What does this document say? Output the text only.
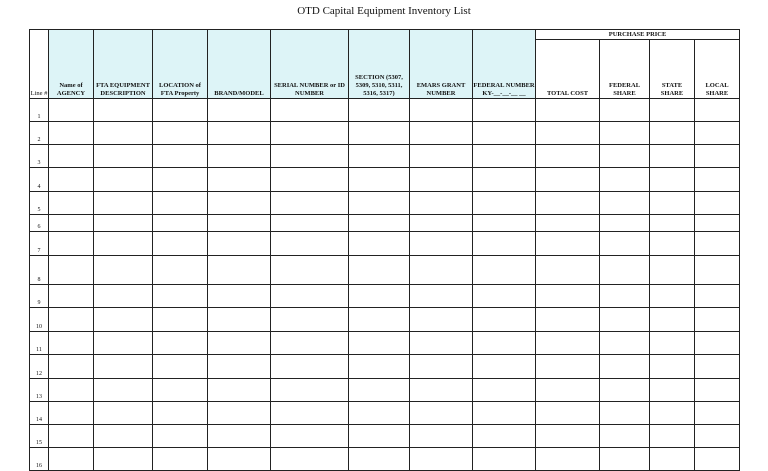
OTD Capital Equipment Inventory List
Line #	Name of AGENCY	FTA EQUIPMENT DESCRIPTION	LOCATION of FTA Property	BRAND/MODEL	SERIAL NUMBER or ID NUMBER	SECTION (5307, 5309, 5310, 5311, 5316, 5317)	EMARS GRANT NUMBER	FEDERAL NUMBER KY-__-__-__ __	PURCHASE PRICE			
									TOTAL COST	FEDERAL SHARE	STATE SHARE	LOCAL SHARE
1												
2												
3												
4												
5												
6												
7												
8												
9												
10												
11												
12												
13												
14												
15												
16												
